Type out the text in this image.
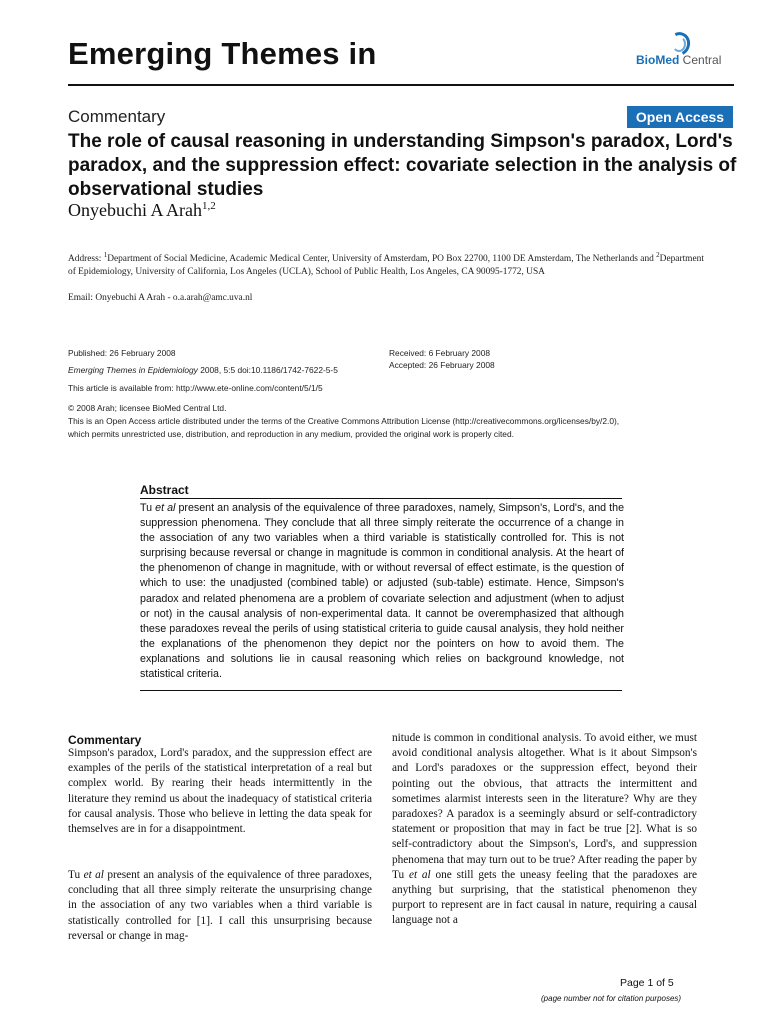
Emerging Themes in	BioMed Central
Commentary	Open Access
The role of causal reasoning in understanding Simpson's paradox, Lord's paradox, and the suppression effect: covariate selection in the analysis of observational studies
Onyebuchi A Arah$^{1,2}$
Address: $^1$Department of Social Medicine, Academic Medical Center, University of Amsterdam, PO Box 22700, 1100 DE Amsterdam, The Netherlands and $^2$Department of Epidemiology, University of California, Los Angeles (UCLA), School of Public Health, Los Angeles, CA 90095-1772, USA
Email: Onyebuchi A Arah - o.a.arah@amc.uva.nl
Published: 26 February 2008
Emerging Themes in Epidemiology 2008, 5:5 doi:10.1186/1742-7622-5-5
Received: 6 February 2008
Accepted: 26 February 2008
This article is available from: http://www.ete-online.com/content/5/1/5
© 2008 Arah; licensee BioMed Central Ltd.
This is an Open Access article distributed under the terms of the Creative Commons Attribution License (http://creativecommons.org/licenses/by/2.0),
which permits unrestricted use, distribution, and reproduction in any medium, provided the original work is properly cited.
Abstract
Tu et al present an analysis of the equivalence of three paradoxes, namely, Simpson's, Lord's, and the suppression phenomena. They conclude that all three simply reiterate the occurrence of a change in the association of any two variables when a third variable is statistically controlled for. This is not surprising because reversal or change in magnitude is common in conditional analysis. At the heart of the phenomenon of change in magnitude, with or without reversal of effect estimate, is the question of which to use: the unadjusted (combined table) or adjusted (sub-table) estimate. Hence, Simpson's paradox and related phenomena are a problem of covariate selection and adjustment (when to adjust or not) in the causal analysis of non-experimental data. It cannot be overemphasized that although these paradoxes reveal the perils of using statistical criteria to guide causal analysis, they hold neither the explanations of the phenomenon they depict nor the pointers on how to avoid them. The explanations and solutions lie in causal reasoning which relies on background knowledge, not statistical criteria.
Commentary

Simpson's paradox, Lord's paradox, and the suppression effect are examples of the perils of the statistical interpretation of a real but complex world. By rearing their heads intermittently in the literature they remind us about the inadequacy of statistical criteria for causal analysis. Those who believe in letting the data speak for themselves are in for a disappointment.

Tu et al present an analysis of the equivalence of three paradoxes, concluding that all three simply reiterate the unsurprising change in the association of any two variables when a third variable is statistically controlled for [1]. I call this unsurprising because reversal or change in mag-

nitude is common in conditional analysis. To avoid either, we must avoid conditional analysis altogether. What is it about Simpson's and Lord's paradoxes or the suppression effect, beyond their pointing out the obvious, that attracts the intermittent and sometimes alarmist interests seen in the literature? Why are they paradoxes? A paradox is a seemingly absurd or self-contradictory statement or proposition that may in fact be true [2]. What is so self-contradictory about the Simpson's, Lord's, and suppression phenomena that may turn out to be true? After reading the paper by Tu et al one still gets the uneasy feeling that the paradoxes are anything but surprising, that the statistical phenomenon they purport to represent are in fact causal in nature, requiring a causal language not a

Page 1 of 5
(page number not for citation purposes)
